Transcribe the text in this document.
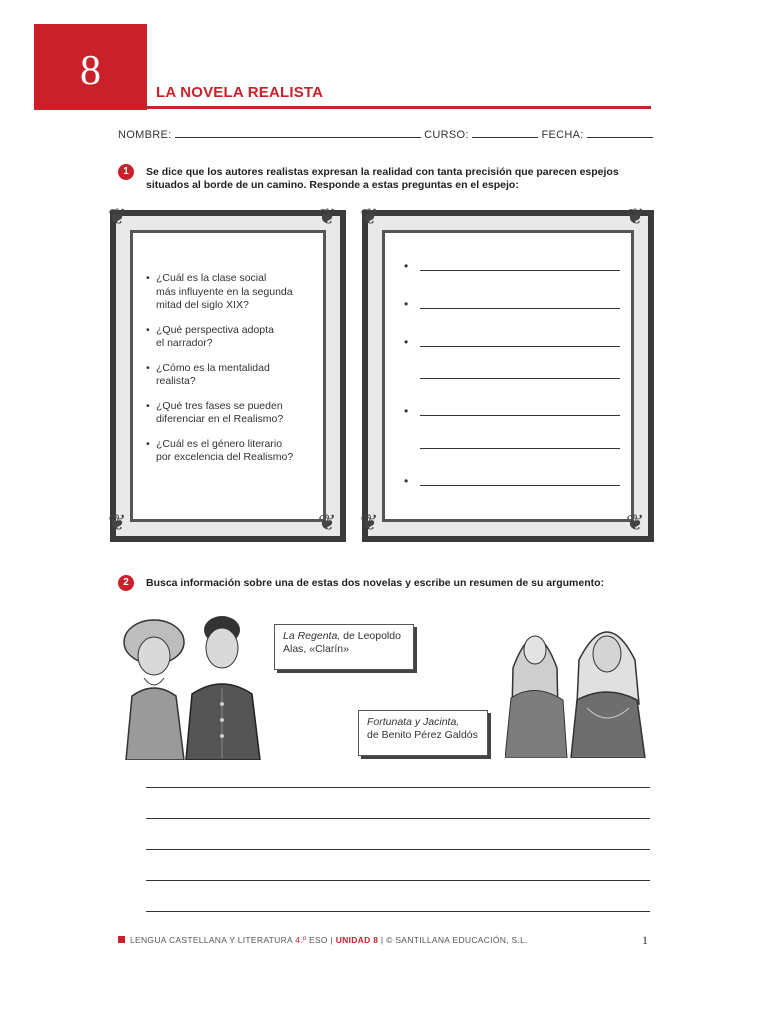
8	LA NOVELA REALISTA
NOMBRE:	CURSO:	FECHA:
1	Se dice que los autores realistas expresan la realidad con tanta precisión que parecen espejos
situados al borde de un camino. Responde a estas preguntas en el espejo:
❦	❦
❦	❦
• ¿Cuál es la clase social
más influyente en la segunda
mitad del siglo XIX?
• ¿Qué perspectiva adopta
el narrador?
• ¿Cómo es la mentalidad
realista?
• ¿Qué tres fases se pueden
diferenciar en el Realismo?
• ¿Cuál es el género literario
por excelencia del Realismo?
❦	❦
❦	❦
•
•
•
•
•
2	Busca información sobre una de estas dos novelas y escribe un resumen de su argumento:
La Regenta, de Leopoldo
Alas, «Clarín»
Fortunata y Jacinta,
de Benito Pérez Galdós
LENGUA CASTELLANA Y LITERATURA 4.º ESO | UNIDAD 8 | © SANTILLANA EDUCACIÓN, S.L.	1
